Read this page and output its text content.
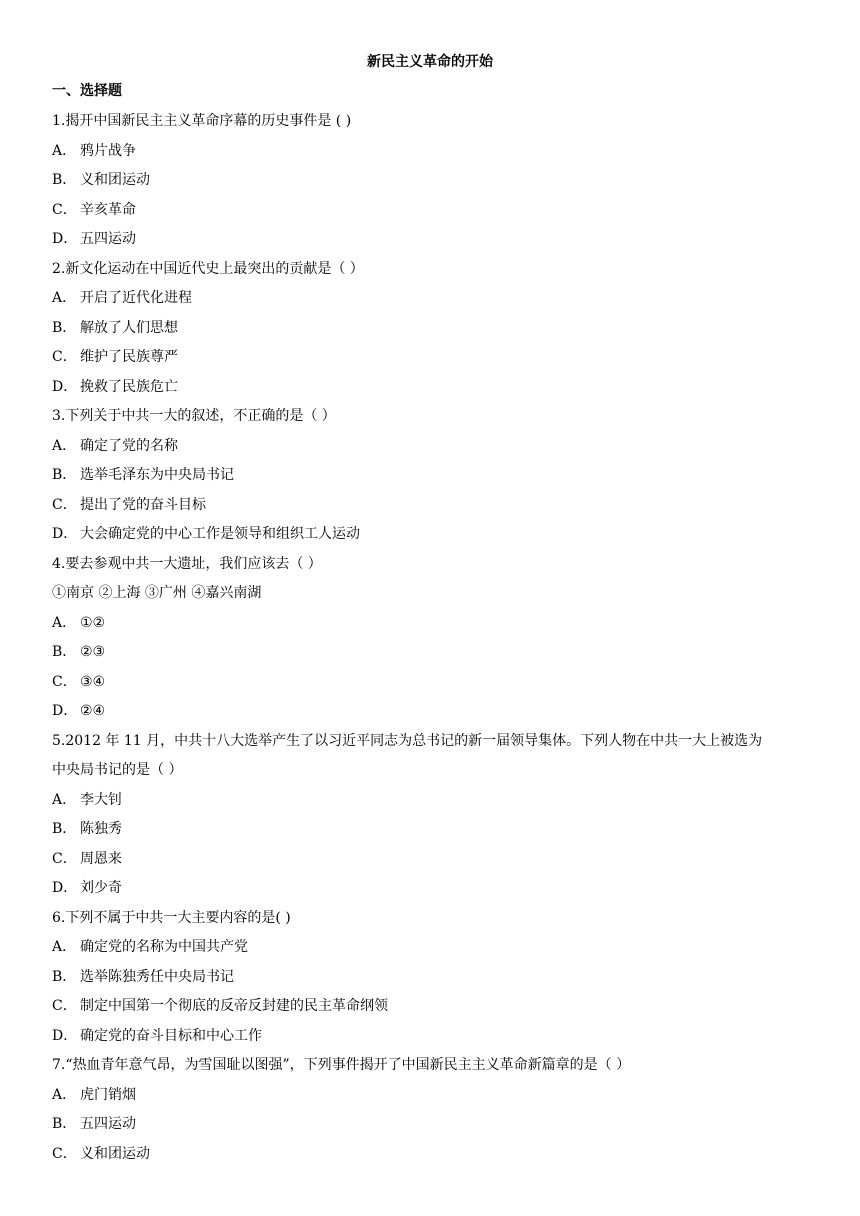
新民主义革命的开始
一、选择题
1.揭开中国新民主主义革命序幕的历史事件是 ( )
A． 鸦片战争
B． 义和团运动
C． 辛亥革命
D． 五四运动
2.新文化运动在中国近代史上最突出的贡献是（ ）
A． 开启了近代化进程
B． 解放了人们思想
C． 维护了民族尊严
D． 挽救了民族危亡
3.下列关于中共一大的叙述，不正确的是（ ）
A． 确定了党的名称
B． 选举毛泽东为中央局书记
C． 提出了党的奋斗目标
D． 大会确定党的中心工作是领导和组织工人运动
4.要去参观中共一大遗址，我们应该去（ ）
①南京 ②上海 ③广州 ④嘉兴南湖
A． ①②
B． ②③
C． ③④
D． ②④
5.2012 年 11 月，中共十八大选举产生了以习近平同志为总书记的新一届领导集体。下列人物在中共一大上被选为
中央局书记的是（ ）
A． 李大钊
B． 陈独秀
C． 周恩来
D． 刘少奇
6.下列不属于中共一大主要内容的是( )
A． 确定党的名称为中国共产党
B． 选举陈独秀任中央局书记
C． 制定中国第一个彻底的反帝反封建的民主革命纲领
D． 确定党的奋斗目标和中心工作
7.“热血青年意气昂，为雪国耻以图强”，下列事件揭开了中国新民主主义革命新篇章的是（ ）
A． 虎门销烟
B． 五四运动
C． 义和团运动
